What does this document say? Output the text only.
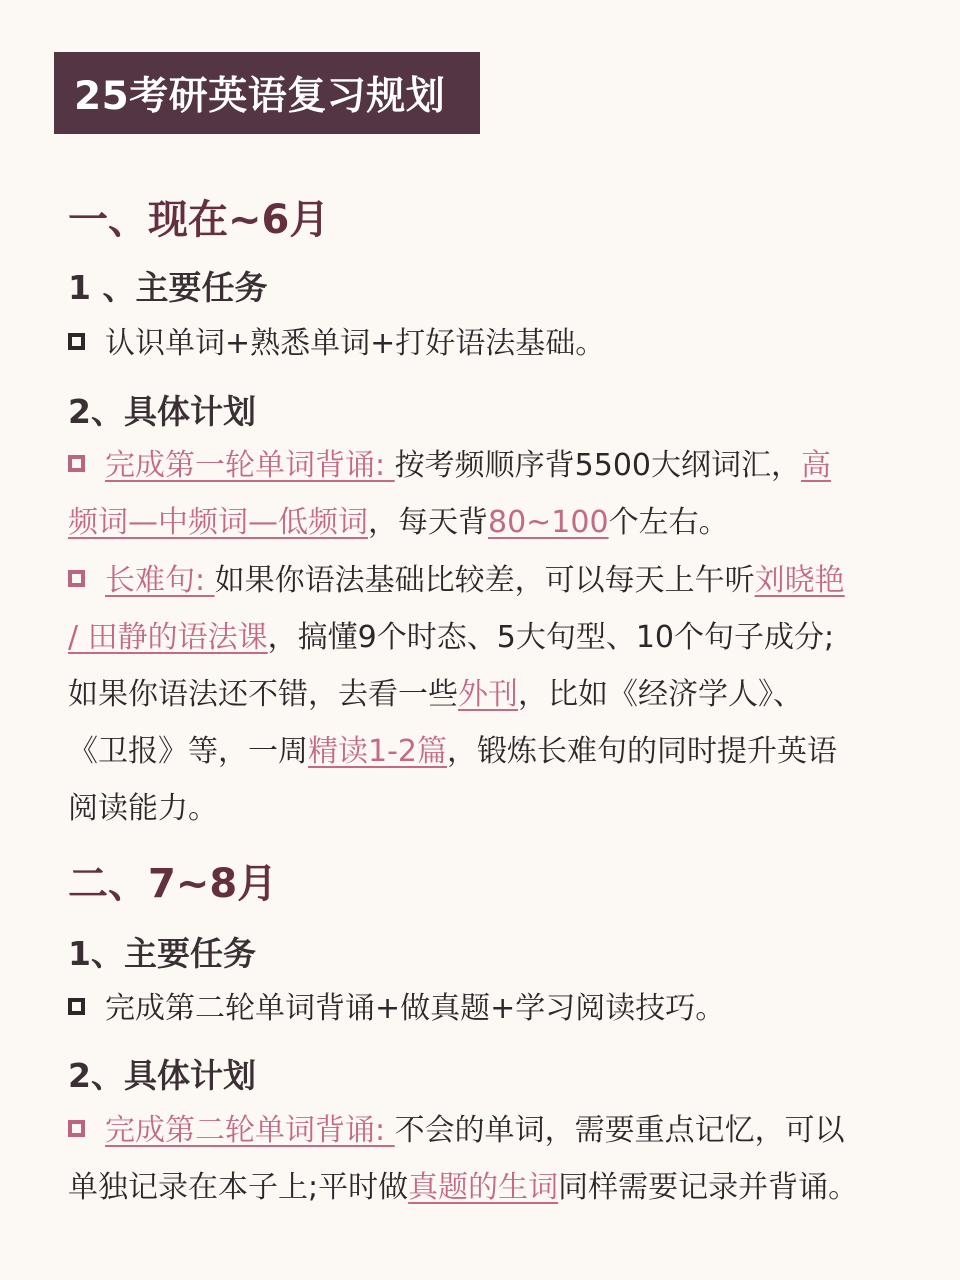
25考研英语复习规划
一、现在~6月
1 、主要任务
认识单词+熟悉单词+打好语法基础。
2、具体计划
完成第一轮单词背诵: 按考频顺序背5500大纲词汇，高
频词—中频词—低频词，每天背80~100个左右。
长难句: 如果你语法基础比较差，可以每天上午听刘晓艳
/ 田静的语法课，搞懂9个时态、5大句型、10个句子成分;
如果你语法还不错，去看一些外刊，比如《经济学人》、
《卫报》等，一周精读1-2篇，锻炼长难句的同时提升英语
阅读能力。
二、7~8月
1、主要任务
完成第二轮单词背诵+做真题+学习阅读技巧。
2、具体计划
完成第二轮单词背诵: 不会的单词，需要重点记忆，可以
单独记录在本子上;平时做真题的生词同样需要记录并背诵。
